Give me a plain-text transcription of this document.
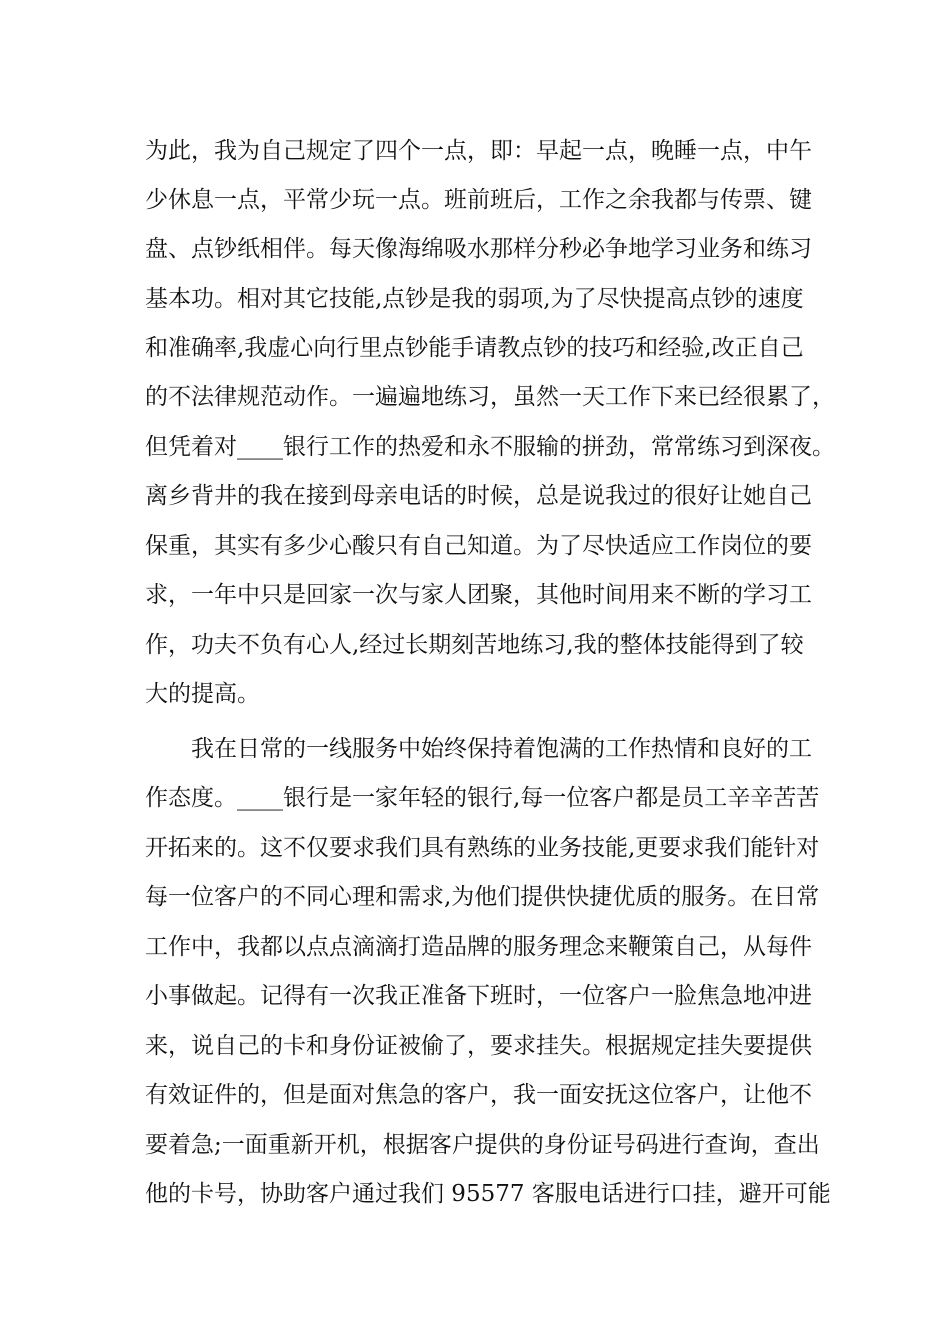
为此，我为自己规定了四个一点，即：早起一点，晚睡一点，中午
少休息一点，平常少玩一点。班前班后，工作之余我都与传票、键
盘、点钞纸相伴。每天像海绵吸水那样分秒必争地学习业务和练习
基本功。相对其它技能,点钞是我的弱项,为了尽快提高点钞的速度
和准确率,我虚心向行里点钞能手请教点钞的技巧和经验,改正自己
的不法律规范动作。一遍遍地练习，虽然一天工作下来已经很累了，
但凭着对____银行工作的热爱和永不服输的拼劲，常常练习到深夜。
离乡背井的我在接到母亲电话的时候，总是说我过的很好让她自己
保重，其实有多少心酸只有自己知道。为了尽快适应工作岗位的要
求，一年中只是回家一次与家人团聚，其他时间用来不断的学习工
作，功夫不负有心人,经过长期刻苦地练习,我的整体技能得到了较
大的提高。
我在日常的一线服务中始终保持着饱满的工作热情和良好的工
作态度。____银行是一家年轻的银行,每一位客户都是员工辛辛苦苦
开拓来的。这不仅要求我们具有熟练的业务技能,更要求我们能针对
每一位客户的不同心理和需求,为他们提供快捷优质的服务。在日常
工作中，我都以点点滴滴打造品牌的服务理念来鞭策自己，从每件
小事做起。记得有一次我正准备下班时，一位客户一脸焦急地冲进
来，说自己的卡和身份证被偷了，要求挂失。根据规定挂失要提供
有效证件的，但是面对焦急的客户，我一面安抚这位客户，让他不
要着急;一面重新开机，根据客户提供的身份证号码进行查询，查出
他的卡号，协助客户通过我们 95577 客服电话进行口挂，避开可能
